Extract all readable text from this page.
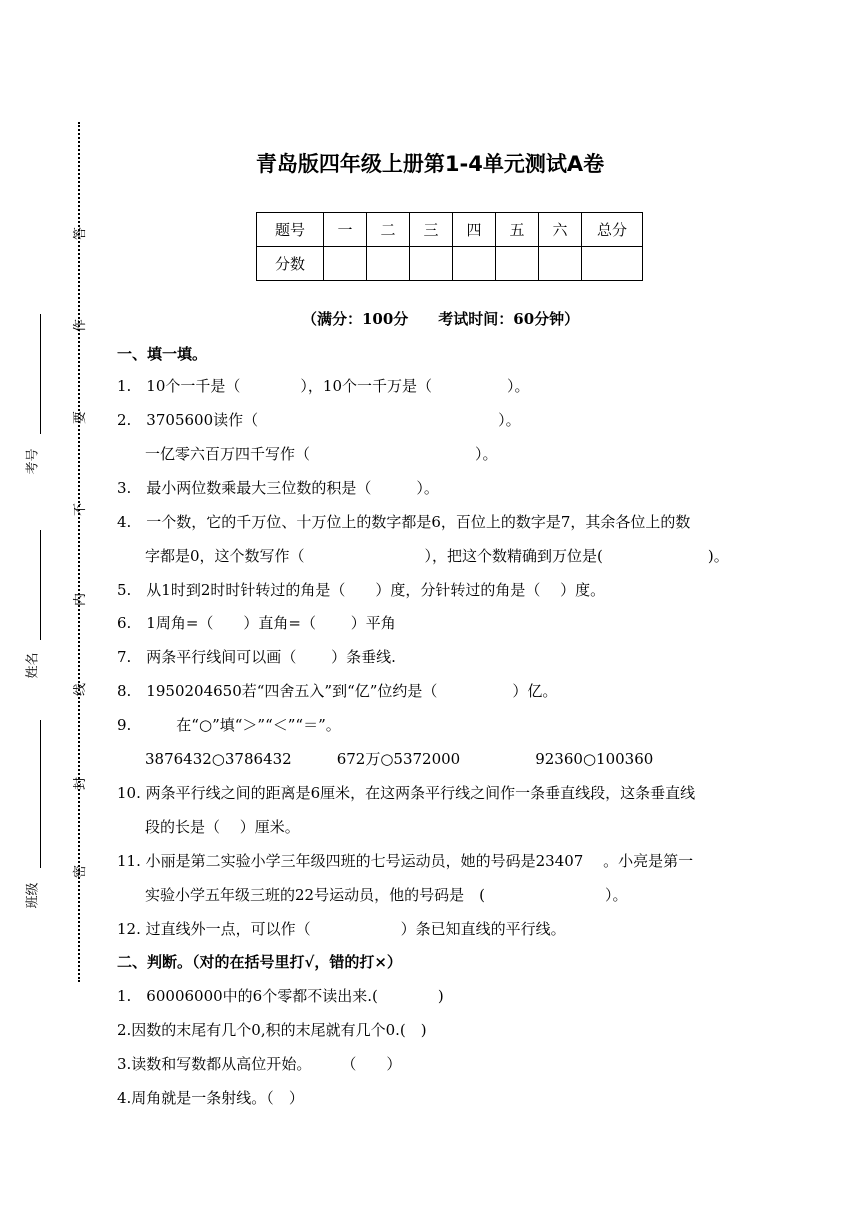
答
作
要
不
内
线
封
密
考号
姓名
班级
青岛版四年级上册第1-4单元测试A卷
题号	一	二	三	四	五	六	总分
分数							
（满分：100分　　考试时间：60分钟）
一、填一填。
1.　10个一千是（　　　　），10个一千万是（　　　　　）。
2.　3705600读作（　　　　　　　　　　　　　　　　）。
一亿零六百万四千写作（　　　　　　　　　　　）。
3.　最小两位数乘最大三位数的积是（　　　）。
4.　一个数，它的千万位、十万位上的数字都是6，百位上的数字是7，其余各位上的数
字都是0，这个数写作（　　　　　　　　），把这个数精确到万位是(　　　　　　　)。
5.　从1时到2时时针转过的角是（　　）度，分针转过的角是（　 ）度。
6.　1周角=（　　）直角=（　　 ）平角
7.　两条平行线间可以画（　　 ）条垂线.
8.　1950204650若“四舍五入”到“亿”位约是（　　　　　）亿。
9.　　　在“○”填“＞”“＜”“＝”。
3876432○3786432　　　672万○5372000　　　　　92360○100360
10. 两条平行线之间的距离是6厘米，在这两条平行线之间作一条垂直线段，这条垂直线
段的长是（　 ）厘米。
11. 小丽是第二实验小学三年级四班的七号运动员，她的号码是23407　 。小亮是第一
实验小学五年级三班的22号运动员，他的号码是　(　　　　　　　　）。
12. 过直线外一点，可以作（　　　　　　）条已知直线的平行线。
二、判断。（对的在括号里打√，错的打×）
1.　60006000中的6个零都不读出来.(　　　　)
2.因数的末尾有几个0,积的末尾就有几个0.(　)
3.读数和写数都从高位开始。　　　（　　）
4.周角就是一条射线。（　）
